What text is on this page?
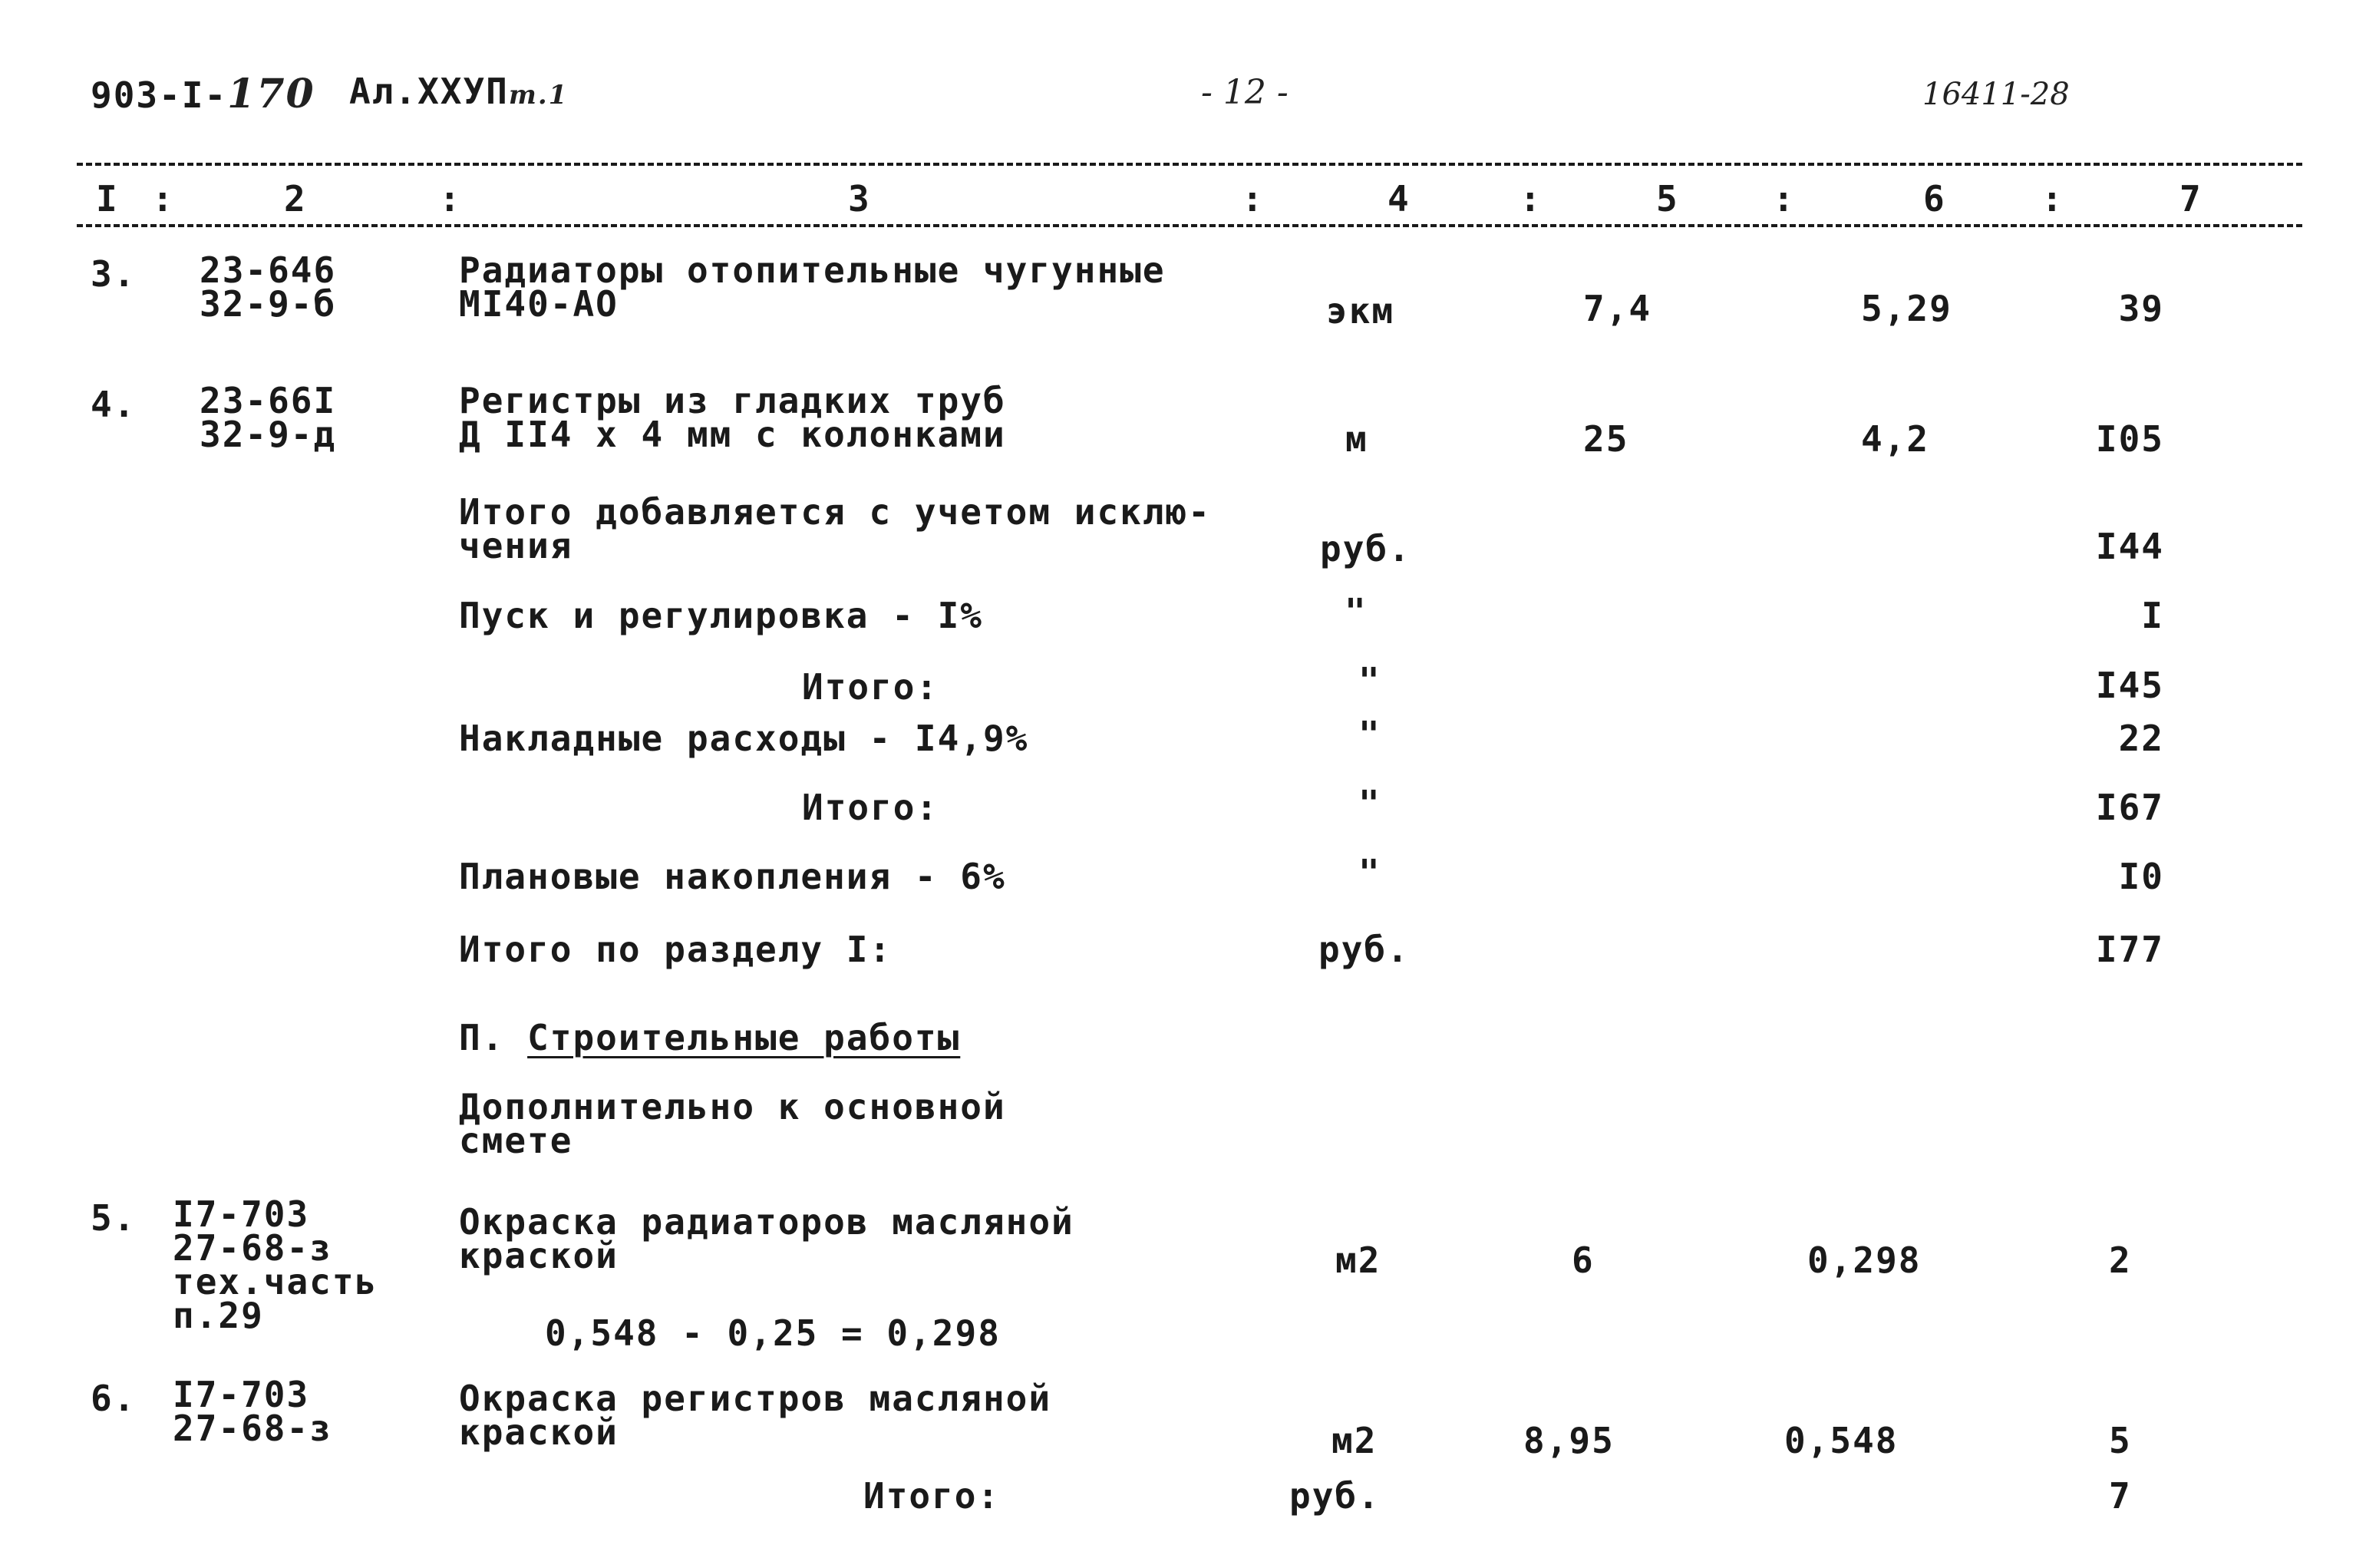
903-I-170 Ал.XXУПт.1	- 12 -	16411-28
I :	2	:	3	:	4	:	5	:	6	:	7
3. 23-646
32-9-б
Радиаторы отопительные чугунные
МI40-АО	экм	7,4	5,29	39
4. 23-66I
32-9-д
Регистры из гладких труб
Д II4 х 4 мм с колонками	м	25	4,2	I05
Итого добавляется с учетом исклю-
чения	руб.	I44
Пуск и регулировка - I%	"	I
Итого:	"	I45
Накладные расходы - I4,9%	"	22
Итого:	"	I67
Плановые накопления - 6%	"	I0
Итого по разделу I:	руб.	I77
П. Строительные работы
Дополнительно к основной
смете
5. I7-703
27-68-з
тех.часть
п.29
Окраска радиаторов масляной
краской
0,548 - 0,25 = 0,298
м2	6	0,298	2
6. I7-703
27-68-з
Окраска регистров масляной
краской	м2	8,95	0,548	5
Итого:	руб.	7
